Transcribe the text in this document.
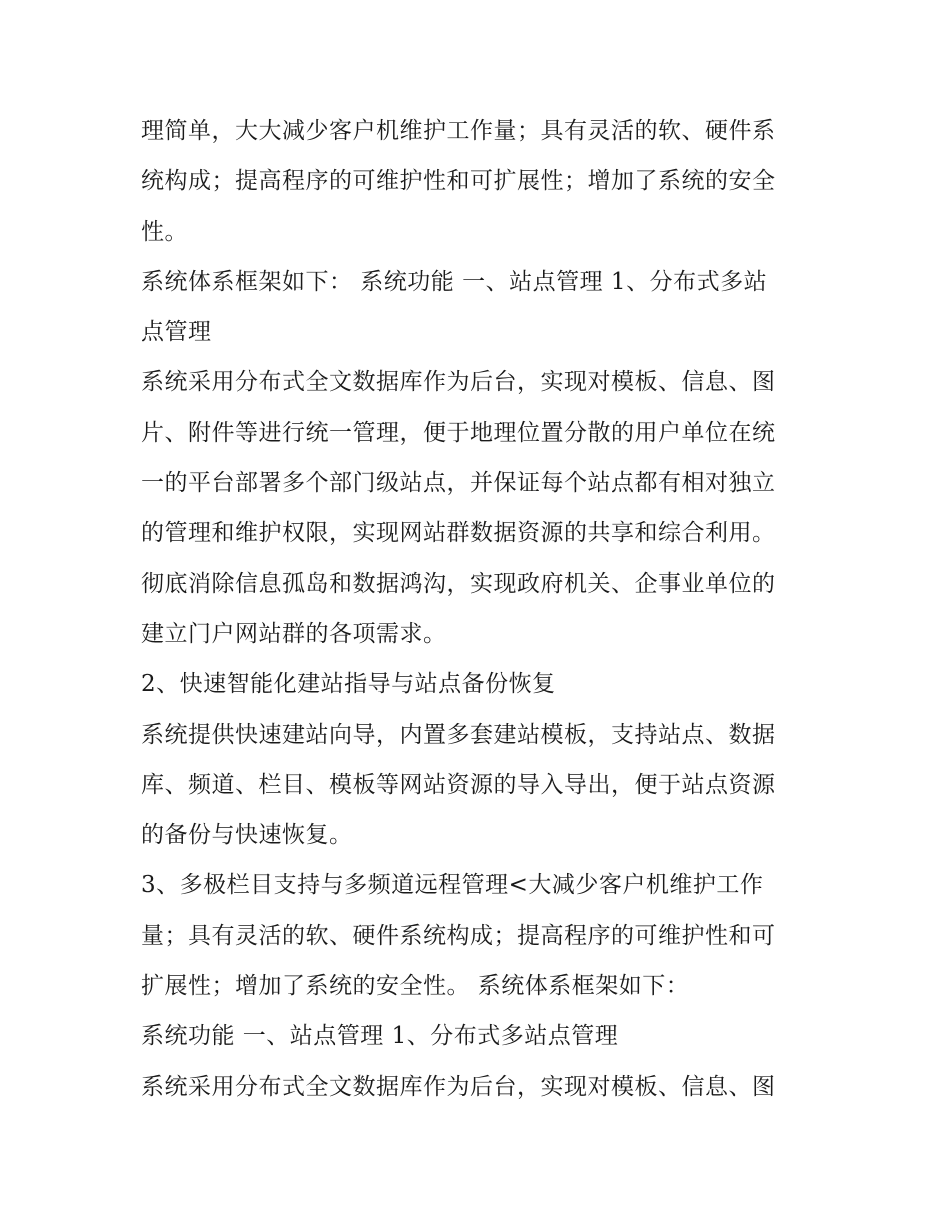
理简单，大大减少客户机维护工作量；具有灵活的软、硬件系
统构成；提高程序的可维护性和可扩展性；增加了系统的安全
性。
系统体系框架如下： 系统功能 一、站点管理 1、分布式多站
点管理
系统采用分布式全文数据库作为后台，实现对模板、信息、图
片、附件等进行统一管理，便于地理位置分散的用户单位在统
一的平台部署多个部门级站点，并保证每个站点都有相对独立
的管理和维护权限，实现网站群数据资源的共享和综合利用。
彻底消除信息孤岛和数据鸿沟，实现政府机关、企事业单位的
建立门户网站群的各项需求。
2、快速智能化建站指导与站点备份恢复
系统提供快速建站向导，内置多套建站模板，支持站点、数据
库、频道、栏目、模板等网站资源的导入导出，便于站点资源
的备份与快速恢复。
3、多极栏目支持与多频道远程管理<大减少客户机维护工作
量；具有灵活的软、硬件系统构成；提高程序的可维护性和可
扩展性；增加了系统的安全性。 系统体系框架如下：
系统功能 一、站点管理 1、分布式多站点管理
系统采用分布式全文数据库作为后台，实现对模板、信息、图
